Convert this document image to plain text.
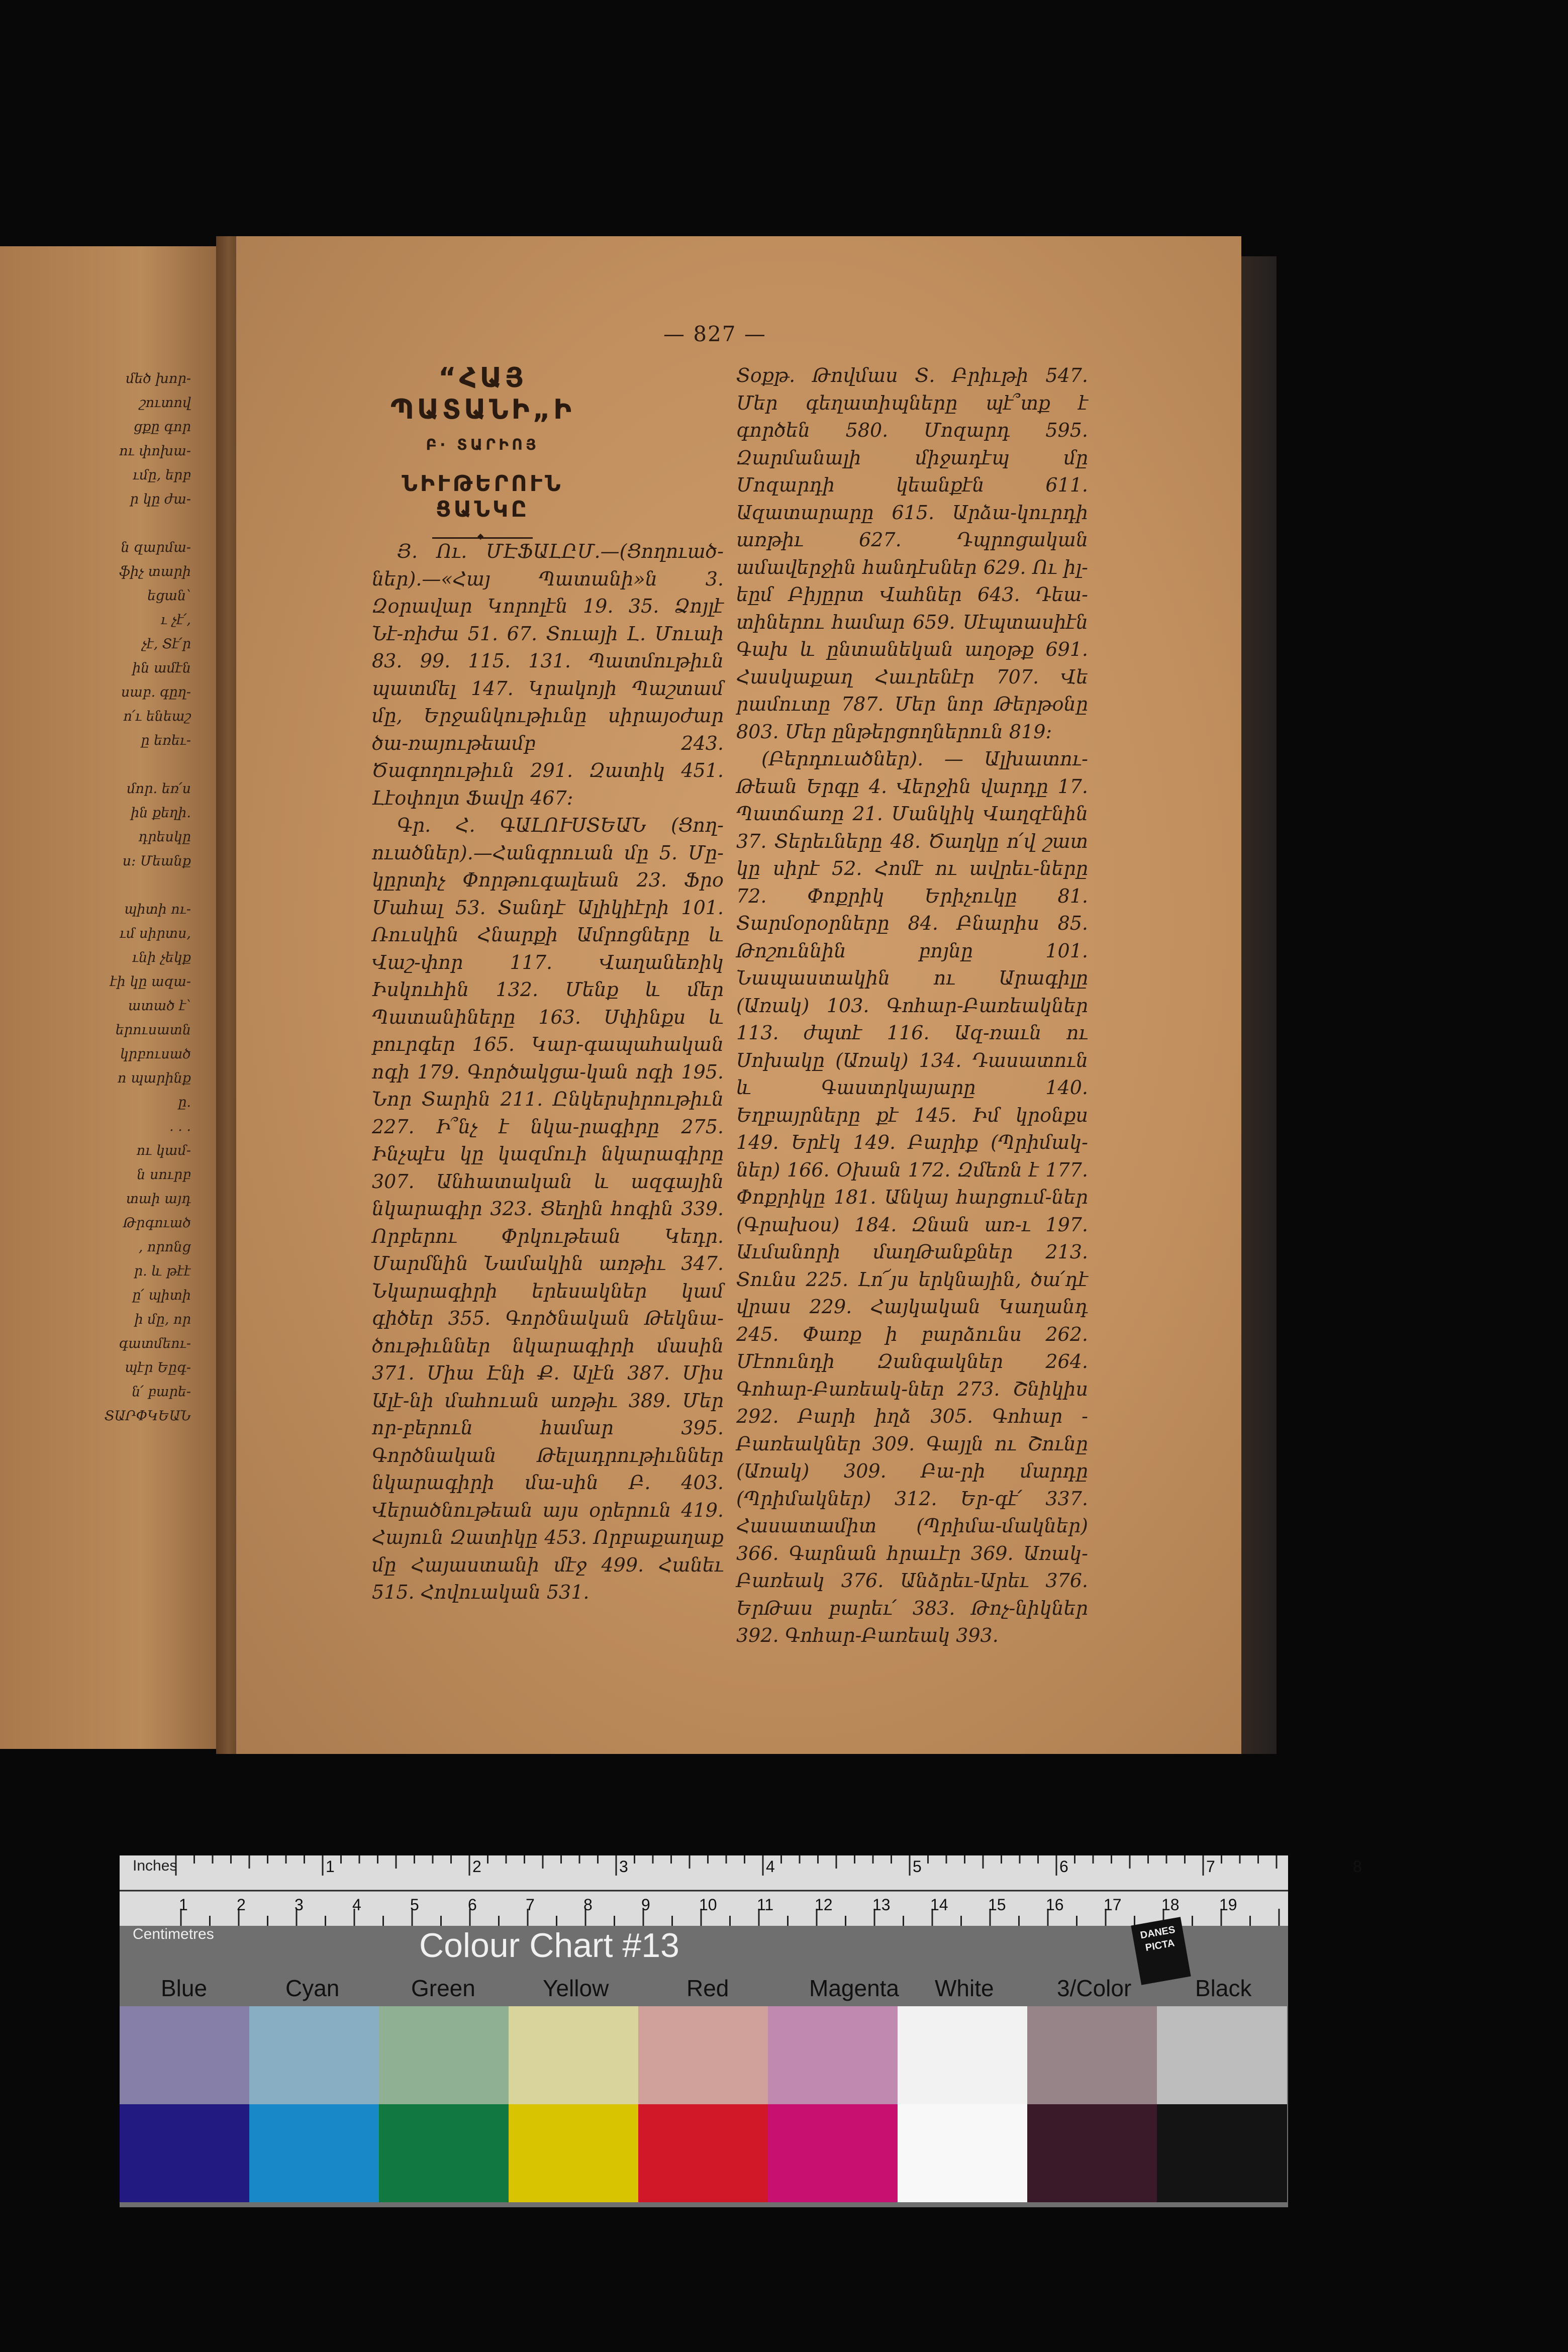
մեծ խոր-
շուտով
ցքը գոր
ու փոխա-
ւմը, երբ
ր կը ժա-

ն զարմա-
ֆիչ տարի
եցան՝
ւ չէ՛,
չէ, Տէ՛ր
ին ամէն
սաբ. գըղ-
ո՛ւ ենեաշ
ը եռեւ-

մոր. եռ՛ս
ին քեղի.
դրեսկը
ս: Մեանք

պիտի ու-
ւմ սիրտս,
ւնի չեկք
էի կը ազա-
ատած է՝
երուսատն
կրբուսած
ո պարինք
ը.
. . .
ու կամ-
ն սուրբ
տաի այդ
Թրգուած
, որոնց
ր. և թէէ
ը՛ պիտի
ի մը, որ
գատմեու-
պէր Եըգ-
ն՛ բարե-
ՏԱՐՓԿԵԱՆ
— 827 —
“ՀԱՅ ՊԱՏԱՆԻ„Ի
Բ· ՏԱՐԻՈՅ
ՆԻՒԹԵՐՈՒՆ ՑԱՆԿԸ
◆

Յ. Ու. ՄԷՖԱԼԸՄ.—(Ցողուած-ներ).—«Հայ Պատանի»ն 3. Զօրավար Կորոլէն 19. 35. Ձոյլէ Նէ-ռիժա 51. 67. Տուայի Լ. Մուաի 83. 99. 115. 131. Պատմութիւն պատմել 147. Կրակոյի Պաշտամ մը, Երջանկութիւնը սիրայօժար ծա-ռայութեամբ 243. Ծագողութիւն 291. Զատիկ 451. Լէօփոլտ Ֆավր 467:

Գր. Հ. ԳԱԼՈՒՍՏԵԱՆ (Ցող-ուածներ).—Հանգրուան մը 5. Մը-կըրտիչ Փորթուգալեան 23. Ֆրօ Մահալ 53. Տանդէ Ալիկիէրի 101. Ռուսկին Հնարքի Ամրոցները և Վաշ-փոր 117. Վաղանեռիկ Իսկուհին 132. Մենք և մեր Պատանիները 163. Սփինքս և բուրգեր 165. Կար-գապահական ոգի 179. Գործակցա-կան ոգի 195. Նոր Տարին 211. Ընկերսիրութիւն 227. Ի՞նչ է նկա-րագիրը 275. Ինչպէս կը կազմուի նկարագիրը 307. Անհատական և ազգային նկարագիր 323. Ցեղին հոգին 339. Որբերու Փրկութեան Կեդր. Մարմնին Նամակին առթիւ 347. Նկարագիրի երեսակներ կամ գիծեր 355. Գործնական Թեկնա-ծութիւններ նկարագիրի մասին 371. Միա Էնի Ք. Ալէն 387. Միս Ալէ-նի մահուան առթիւ 389. Մեր որ-բերուն համար 395. Գործնական Թելադրութիւններ նկարագիրի մա-սին Բ. 403. Վերածնութեան այս օրերուն 419. Հայուն Զատիկը 453. Որբաքաղաք մը Հայաստանի մէջ 499. Հանեւ 515. Հովուական 531.

Տօքթ. Թովմաս Տ. Բրիւթի 547. Մեր գեղատիպները պէ՞տք է գործեն 580. Մոզարդ 595. Զարմանալի միջադէպ մը Մոզարդի կեանքէն 611. Ազատարարը 615. Արձա-կուրդի առթիւ 627. Դպրոցական ամավերջին հանդէսներ 629. Ու իլ-եըմ Բիյըրտ Վահներ 643. Դեա-տիներու համար 659. Սէպտասիէն Գախ և ընտանեկան աղօթք 691. Հասկաքաղ Հաւրենէր 707. Վե րամուտը 787. Մեր նոր Թերթօնը 803. Մեր ընթերցողներուն 819:

(Բերդուածներ). — Ալխատու-Թեան Երգը 4. Վերջին վարդը 17. Պատճառը 21. Մանկիկ Վաղզէնին 37. Տերեւները 48. Ծաղկը ո՛վ շատ կը սիրէ 52. Հոմէ ու ավրեւ-ները 72. Փոքրիկ Երիչուկը 81. Տարմօրօրները 84. Բնարիս 85. Թոշուննին բոյնը 101. Նապաստակին ու Արագիլը (Առակ) 103. Գոհար-Բառեակներ 113. ժպտէ 116. Ազ-ռաւն ու Սոխակը (Առակ) 134. Դասատուն և Գաստրկայարը 140. Եղբայրները քէ 145. Իմ կրօնքս 149. Երէկ 149. Բարիք (Պրիմակ-ներ) 166. Օխան 172. Զմեռն է 177. Փոքրիկը 181. Անկայ հարցում-ներ (Գրախօս) 184. Զնան առ-ւ 197. Աւմանորի մաղԹանքներ 213. Տունս 225. Լո՜յս երկնային, ծա՛դէ վրաս 229. Հայկական Կաղանդ 245. Փառք ի բարձունս 262. Մէոունդի Զանգակներ 264. Գոհար-Բառեակ-ներ 273. Շնիկիս 292. Բարի իղձ 305. Գոհար - Բառեակներ 309. Գայլն ու Շունը (Առակ) 309. Բա-րի մարդը (Պրիմակներ) 312. Եր-գէ՛ 337. Հասատամիտ (Պրիմա-մակներ) 366. Գարնան հրաւէր 369. Առակ-Բառեակ 376. Անձրեւ-Արեւ 376. ԵրԹաս բարեւ՛ 383. Թոչ-նիկներ 392. Գոհար-Բառեակ 393.

Inches
Centimetres
1	2	3	4	5	6	7	8
1	2	3	4	5	6	7	8	9	10 11	12 13 14 15 16 17 18 19
Colour Chart #13	DANES PICTA
Blue	Cyan	Green	Yellow	Red	Magenta White	3/Color	Black
